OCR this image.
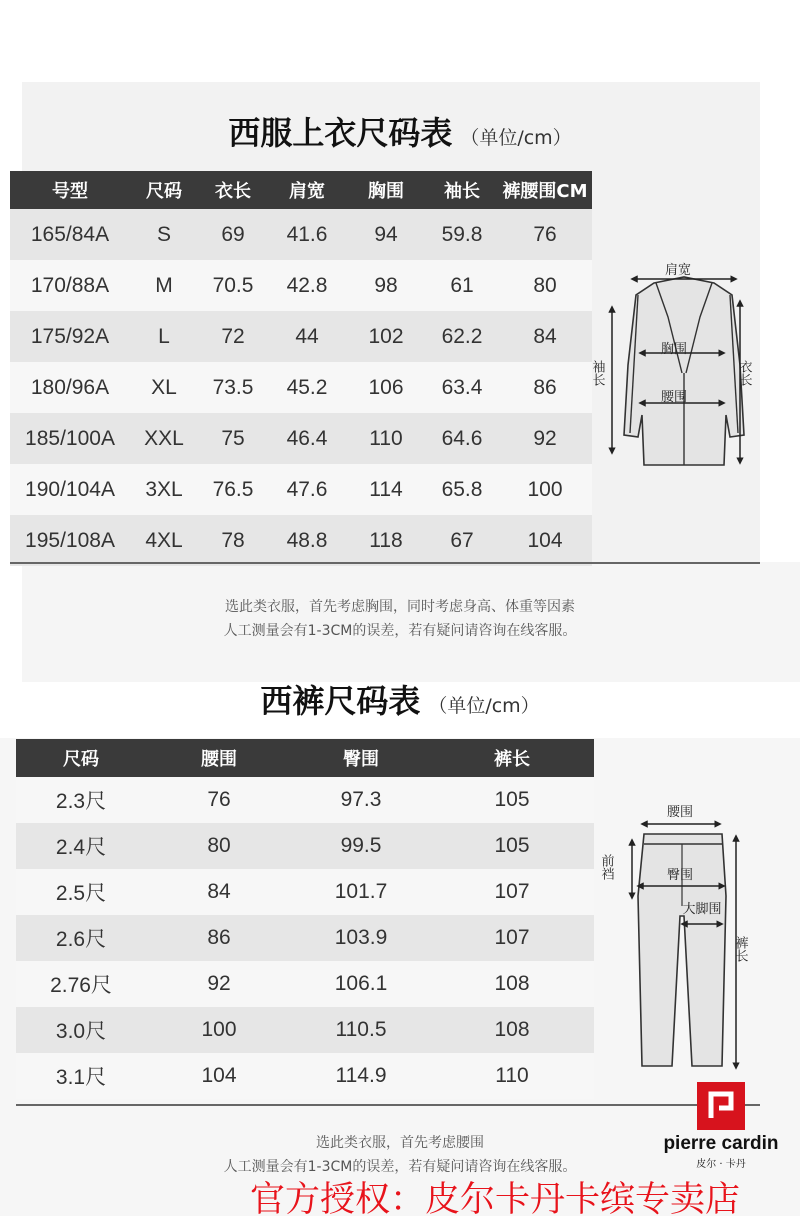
西服上衣尺码表 （单位/cm）
号型	尺码	衣长	肩宽	胸围	袖长	裤腰围CM
165/84A	S	69	41.6	94	59.8	76
170/88A	M	70.5	42.8	98	61	80
175/92A	L	72	44	102	62.2	84
180/96A	XL	73.5	45.2	106	63.4	86
185/100A	XXL	75	46.4	110	64.6	92
190/104A	3XL	76.5	47.6	114	65.8	100
195/108A	4XL	78	48.8	118	67	104
肩宽
胸围
腰围
袖长	衣长
选此类衣服，首先考虑胸围，同时考虑身高、体重等因素
人工测量会有1-3CM的误差，若有疑问请咨询在线客服。
西裤尺码表 （单位/cm）
尺码	腰围	臀围	裤长
2.3尺	76	97.3	105
2.4尺	80	99.5	105
2.5尺	84	101.7	107
2.6尺	86	103.9	107
2.76尺	92	106.1	108
3.0尺	100	110.5	108
3.1尺	104	114.9	110
腰围
前裆	臀围
大脚围
裤长
选此类衣服，首先考虑腰围
人工测量会有1-3CM的误差，若有疑问请咨询在线客服。
pierre cardin
皮尔 · 卡丹
官方授权：皮尔卡丹卡缤专卖店
